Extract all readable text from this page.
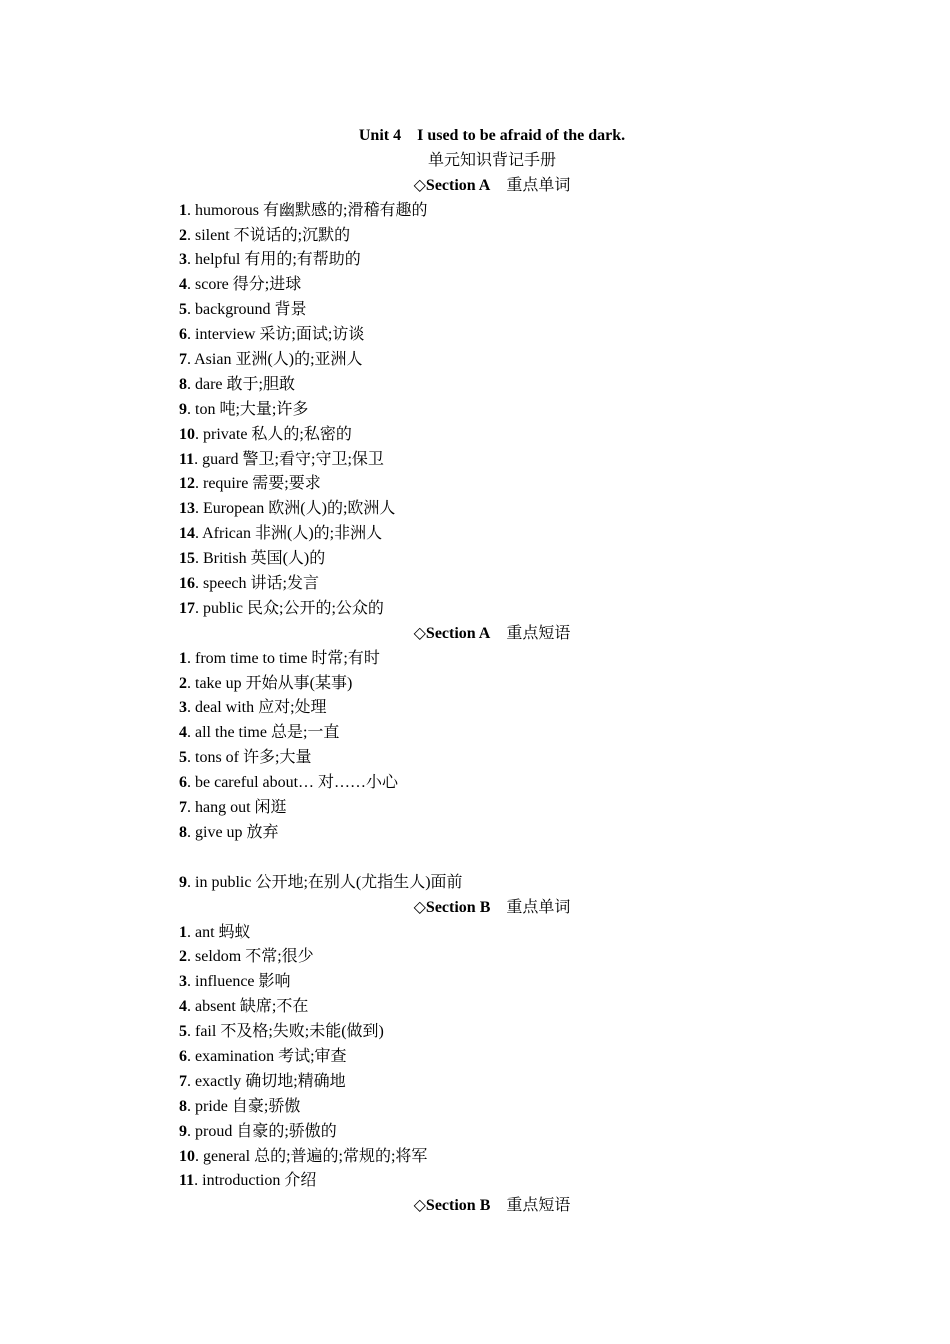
Unit 4　I used to be afraid of the dark.
单元知识背记手册
◇Section A　 重点单词
1. humorous 有幽默感的;滑稽有趣的
2. silent 不说话的;沉默的
3. helpful 有用的;有帮助的
4. score 得分;进球
5. background 背景
6. interview 采访;面试;访谈
7. Asian 亚洲(人)的;亚洲人
8. dare 敢于;胆敢
9. ton 吨;大量;许多
10. private 私人的;私密的
11. guard 警卫;看守;守卫;保卫
12. require 需要;要求
13. European 欧洲(人)的;欧洲人
14. African 非洲(人)的;非洲人
15. British 英国(人)的
16. speech 讲话;发言
17. public 民众;公开的;公众的
◇Section A　 重点短语
1. from time to time 时常;有时
2. take up 开始从事(某事)
3. deal with 应对;处理
4. all the time 总是;一直
5. tons of 许多;大量
6. be careful about… 对……小心
7. hang out 闲逛
8. give up 放弃
9. in public 公开地;在别人(尤指生人)面前
◇Section B　 重点单词
1. ant 蚂蚁
2. seldom 不常;很少
3. influence 影响
4. absent 缺席;不在
5. fail 不及格;失败;未能(做到)
6. examination 考试;审查
7. exactly 确切地;精确地
8. pride 自豪;骄傲
9. proud 自豪的;骄傲的
10. general 总的;普遍的;常规的;将军
11. introduction 介绍
◇Section B　 重点短语
